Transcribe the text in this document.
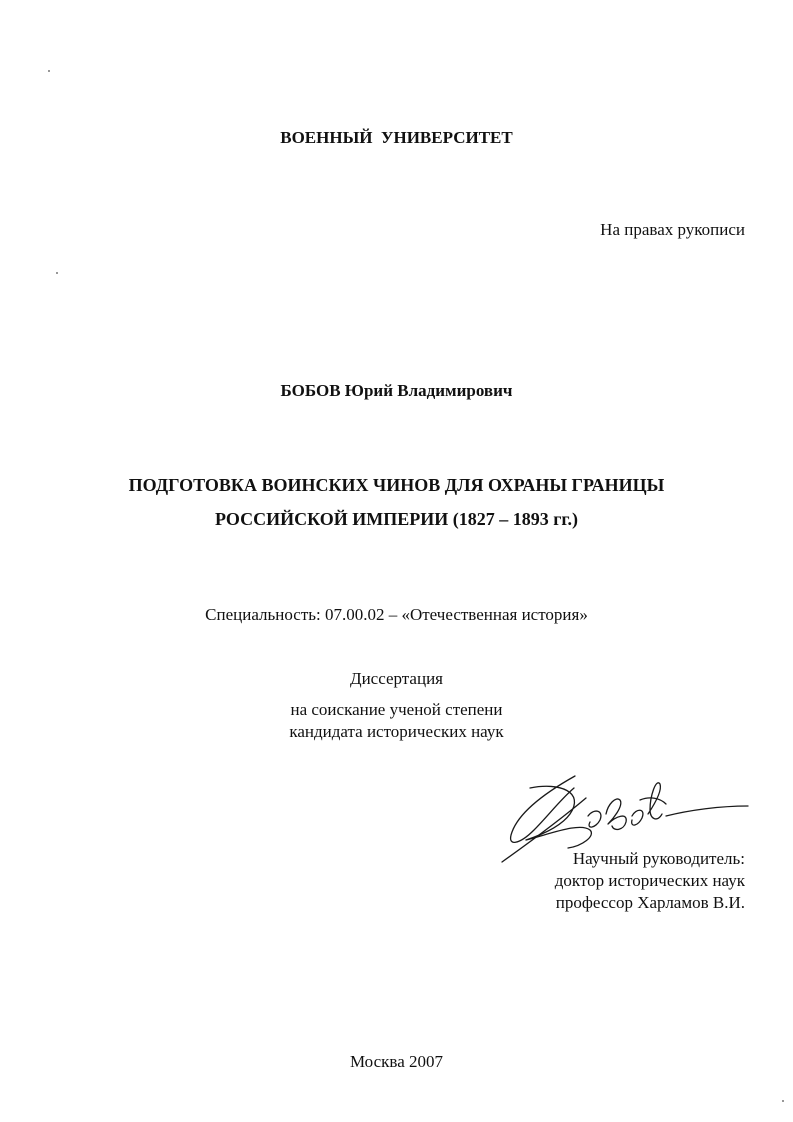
ВОЕННЫЙ  УНИВЕРСИТЕТ
На правах рукописи
БОБОВ Юрий Владимирович
ПОДГОТОВКА ВОИНСКИХ ЧИНОВ ДЛЯ ОХРАНЫ ГРАНИЦЫ
РОССИЙСКОЙ ИМПЕРИИ (1827 – 1893 гг.)
Специальность: 07.00.02 – «Отечественная история»
Диссертация
на соискание ученой степени
кандидата исторических наук
Научный руководитель:
доктор исторических наук
профессор Харламов В.И.
Москва 2007
